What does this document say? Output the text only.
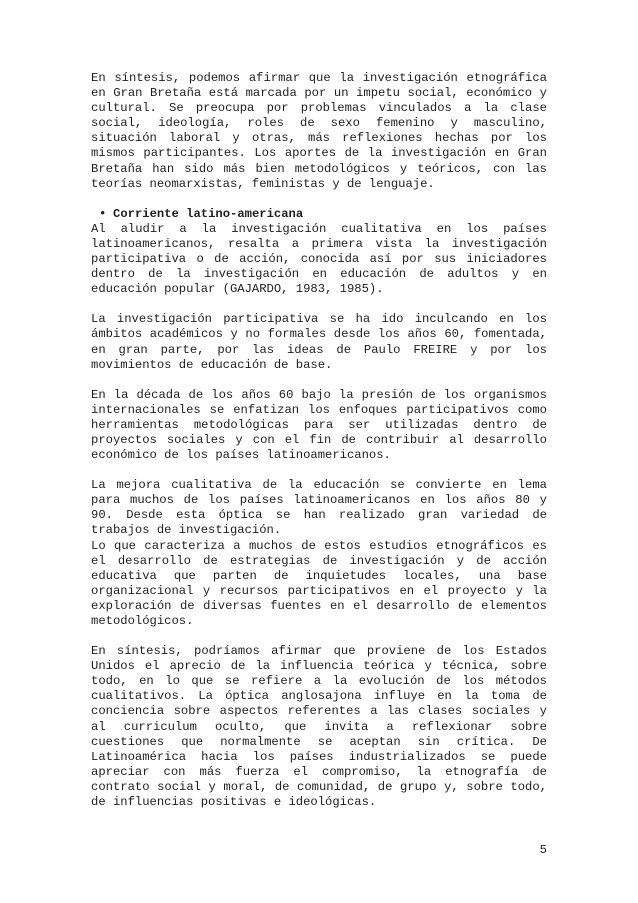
En síntesis, podemos afirmar que la investigación etnográfica en Gran Bretaña está marcada por un impetu social, económico y cultural. Se preocupa por problemas vinculados a la clase social, ideología, roles de sexo femenino y masculino, situación laboral y otras, más reflexiones hechas por los mismos participantes. Los aportes de la investigación en Gran Bretaña han sido más bien metodológicos y teóricos, con las teorías neomarxistas, feministas y de lenguaje.

• Corriente latino-americana

Al aludir a la investigación cualitativa en los países latinoamericanos, resalta a primera vista la investigación participativa o de acción, conocida así por sus iniciadores dentro de la investigación en educación de adultos y en educación popular (GAJARDO, 1983, 1985).

La investigación participativa se ha ido inculcando en los ámbitos académicos y no formales desde los años 60, fomentada, en gran parte, por las ideas de Paulo FREIRE y por los movimientos de educación de base.

En la década de los años 60 bajo la presión de los organismos internacionales se enfatizan los enfoques participativos como herramientas metodológicas para ser utilizadas dentro de proyectos sociales y con el fin de contribuir al desarrollo económico de los países latinoamericanos.

La mejora cualitativa de la educación se convierte en lema para muchos de los países latinoamericanos en los años 80 y 90. Desde esta óptica se han realizado gran variedad de trabajos de investigación.

Lo que caracteriza a muchos de estos estudios etnográficos es el desarrollo de estrategias de investigación y de acción educativa que parten de inquietudes locales, una base organizacional y recursos participativos en el proyecto y la exploración de diversas fuentes en el desarrollo de elementos metodológicos.

En síntesis, podríamos afirmar que proviene de los Estados Unidos el aprecio de la influencia teórica y técnica, sobre todo, en lo que se refiere a la evolución de los métodos cualitativos. La óptica anglosajona influye en la toma de conciencia sobre aspectos referentes a las clases sociales y al curriculum oculto, que invita a reflexionar sobre cuestiones que normalmente se aceptan sin crítica. De Latinoamérica hacia los países industrializados se puede apreciar con más fuerza el compromiso, la etnografía de contrato social y moral, de comunidad, de grupo y, sobre todo, de influencias positivas e ideológicas.

5
